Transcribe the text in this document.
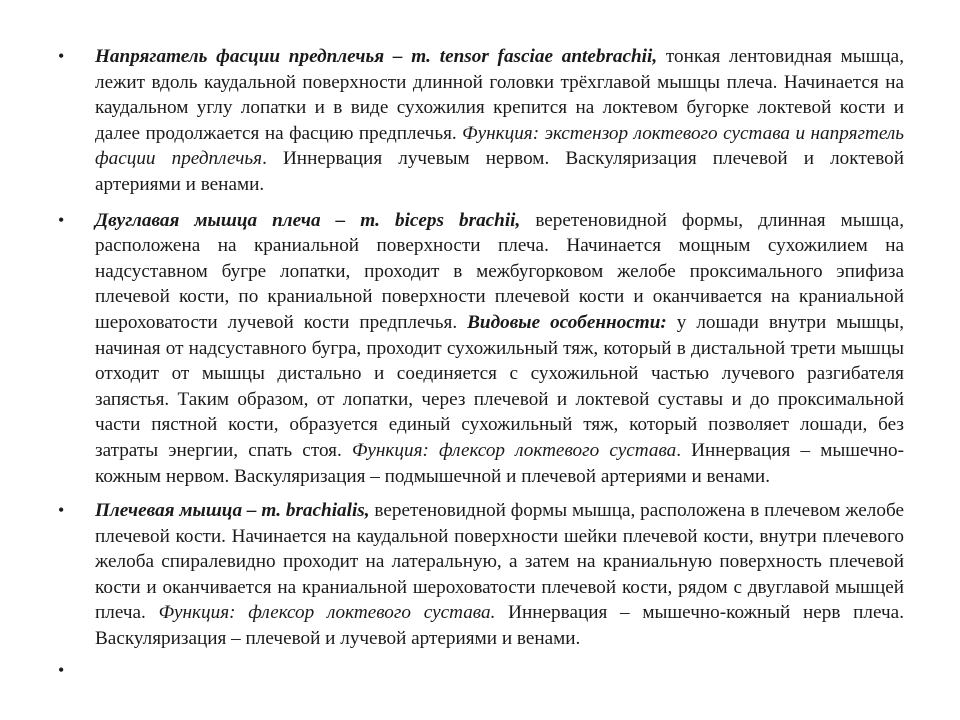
• Напрягатель фасции предплечья – m. tensor fasciae antebrachii, тонкая лентовидная мышца, лежит вдоль каудальной поверхности длинной головки трёхглавой мышцы плеча. Начинается на каудальном углу лопатки и в виде сухожилия крепится на локтевом бугорке локтевой кости и далее продолжается на фасцию предплечья. Функция: экстензор локтевого сустава и напрягтель фасции предплечья. Иннервация лучевым нервом. Васкуляризация плечевой и локтевой артериями и венами.
• Двуглавая мышца плеча – m. biceps brachii, веретеновидной формы, длинная мышца, расположена на краниальной поверхности плеча. Начинается мощным сухожилием на надсуставном бугре лопатки, проходит в межбугорковом желобе проксимального эпифиза плечевой кости, по краниальной поверхности плечевой кости и оканчивается на краниальной шероховатости лучевой кости предплечья. Видовые особенности: у лошади внутри мышцы, начиная от надсуставного бугра, проходит сухожильный тяж, который в дистальной трети мышцы отходит от мышцы дистально и соединяется с сухожильной частью лучевого разгибателя запястья. Таким образом, от лопатки, через плечевой и локтевой суставы и до проксимальной части пястной кости, образуется единый сухожильный тяж, который позволяет лошади, без затраты энергии, спать стоя. Функция: флексор локтевого сустава. Иннервация – мышечно-кожным нервом. Васкуляризация – подмышечной и плечевой артериями и венами.
• Плечевая мышца – m. brachialis, веретеновидной формы мышца, расположена в плечевом желобе плечевой кости. Начинается на каудальной поверхности шейки плечевой кости, внутри плечевого желоба спиралевидно проходит на латеральную, а затем на краниальную поверхность плечевой кости и оканчивается на краниальной шероховатости плечевой кости, рядом с двуглавой мышцей плеча. Функция: флексор локтевого сустава. Иннервация – мышечно-кожный нерв плеча. Васкуляризация – плечевой и лучевой артериями и венами.
•
